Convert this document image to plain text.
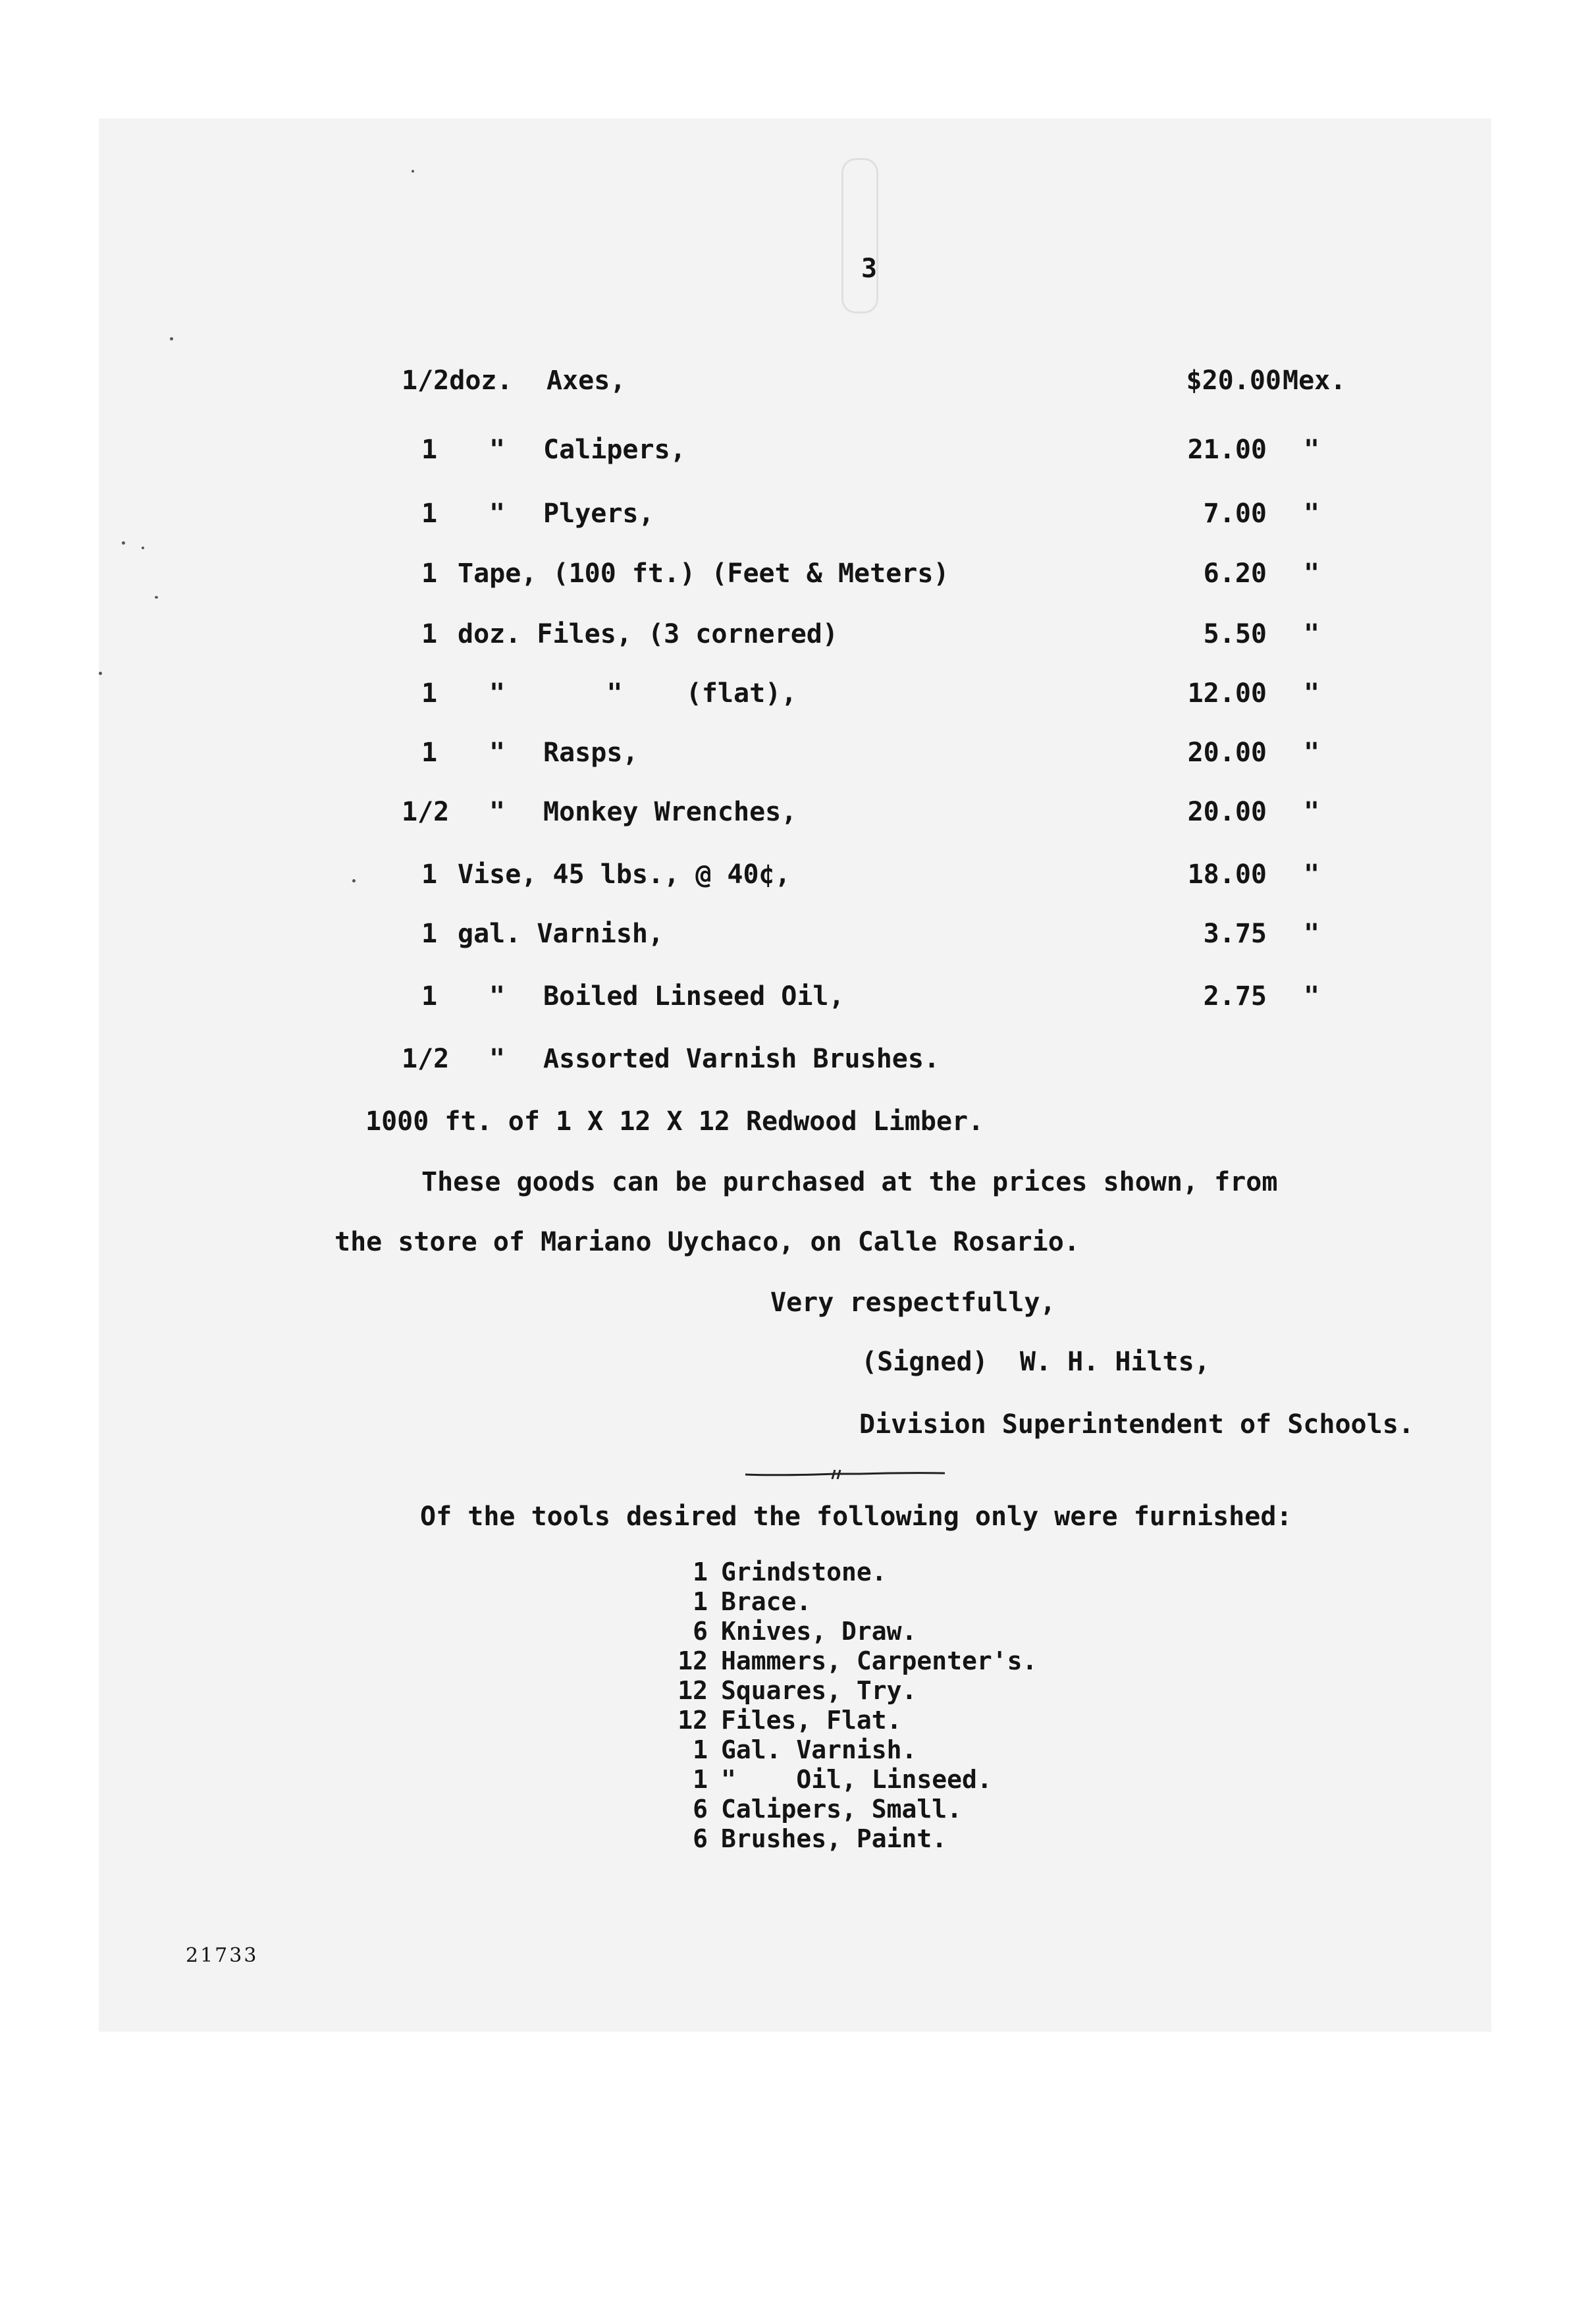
3
1/2doz. Axes,	$20.00 Mex.
1	"	Calipers,	21.00 "
1	"	Plyers,	7.00 "
1 Tape, (100 ft.) (Feet & Meters)	6.20 "
1 doz. Files, (3 cornered)	5.50 "
1	"	"    (flat),	12.00 "
1	"	Rasps,	20.00 "
1/2	"	Monkey Wrenches,	20.00 "
1 Vise, 45 lbs., @ 40¢,	18.00 "
1 gal. Varnish,	3.75 "
1	"	Boiled Linseed Oil,	2.75 "
1/2	"	Assorted Varnish Brushes.
1000 ft. of 1 X 12 X 12 Redwood Limber.
These goods can be purchased at the prices shown, from
the store of Mariano Uychaco, on Calle Rosario.
Very respectfully,
(Signed)  W. H. Hilts,
Division Superintendent of Schools.
Of the tools desired the following only were furnished:
1 Grindstone.
1 Brace.
6 Knives, Draw.
12 Hammers, Carpenter's.
12 Squares, Try.
12 Files, Flat.
1 Gal. Varnish.
1 "    Oil, Linseed.
6 Calipers, Small.
6 Brushes, Paint.
21733
